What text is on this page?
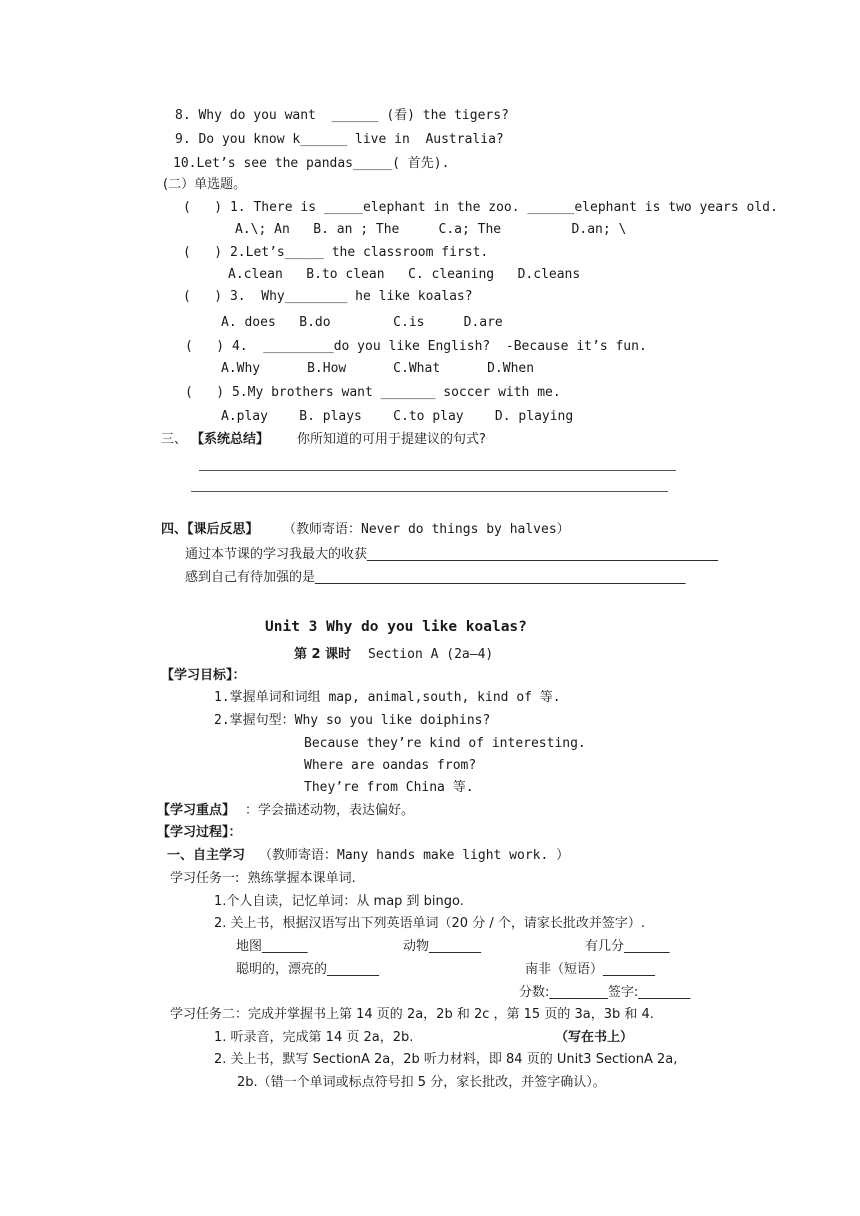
8. Why do you want  ______ (看) the tigers?
9. Do you know k______ live in  Australia?
10.Let’s see the pandas_____( 首先).
(二）单选题。
(   ) 1. There is _____elephant in the zoo. ______elephant is two years old.
A.\; An   B. an ; The     C.a; The         D.an; \
(   ) 2.Let’s_____ the classroom first.
A.clean   B.to clean   C. cleaning   D.cleans
(   ) 3.  Why________ he like koalas?
A. does   B.do        C.is     D.are
(   ) 4.  _________do you like English?  -Because it’s fun.
A.Why      B.How      C.What      D.When
(   ) 5.My brothers want _______ soccer with me.
A.play    B. plays    C.to play    D. playing
三、 【系统总结】 你所知道的可用于提建议的句式?
四、【课后反思】 （教师寄语：Never do things by halves）
通过本节课的学习我最大的收获______________________________________________________
感到自己有待加强的是_________________________________________________________
Unit 3 Why do you like koalas?
第 2 课时 Section A (2a—4)
【学习目标】：
1.掌握单词和词组 map, animal,south, kind of 等.
2.掌握句型：Why so you like doiphins?
Because they’re kind of interesting.
Where are oandas from?
They’re from China 等.
【学习重点】 ：学会描述动物，表达偏好。
【学习过程】：
一、自主学习 （教师寄语：Many hands make light work. ）
学习任务一:  熟练掌握本课单词.
1.个人自读，记忆单词：从 map 到 bingo.
2. 关上书，根据汉语写出下列英语单词（20 分 / 个，请家长批改并签字）.
地图_______	动物________	有几分_______
聪明的，漂亮的________	南非（短语）________
分数:_________签字:________
学习任务二：完成并掌握书上第 14 页的 2a，2b 和 2c ，第 15 页的 3a，3b 和 4.
1. 听录音，完成第 14 页 2a，2b.	（写在书上）
2. 关上书，默写 SectionA 2a，2b 听力材料，即 84 页的 Unit3 SectionA 2a,
2b.（错一个单词或标点符号扣 5 分，家长批改，并签字确认）。
